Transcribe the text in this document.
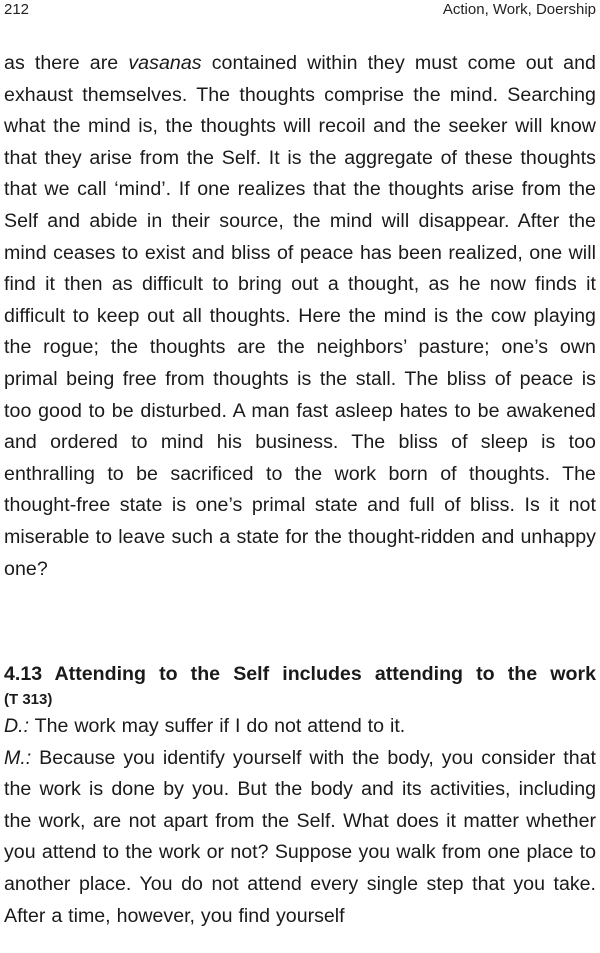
212	Action, Work, Doership

as there are vasanas contained within they must come out and exhaust themselves. The thoughts comprise the mind. Searching what the mind is, the thoughts will recoil and the seeker will know that they arise from the Self. It is the aggregate of these thoughts that we call ‘mind’. If one realizes that the thoughts arise from the Self and abide in their source, the mind will disappear. After the mind ceases to exist and bliss of peace has been realized, one will find it then as difficult to bring out a thought, as he now finds it difficult to keep out all thoughts. Here the mind is the cow playing the rogue; the thoughts are the neighbors’ pasture; one’s own primal being free from thoughts is the stall. The bliss of peace is too good to be disturbed. A man fast asleep hates to be awakened and ordered to mind his business. The bliss of sleep is too enthralling to be sacrificed to the work born of thoughts. The thought-free state is one’s primal state and full of bliss. Is it not miserable to leave such a state for the thought-ridden and unhappy one?

4.13 Attending to the Self includes attending to the work
(T 313)

D.: The work may suffer if I do not attend to it.

M.: Because you identify yourself with the body, you consider that the work is done by you. But the body and its activities, including the work, are not apart from the Self. What does it matter whether you attend to the work or not? Suppose you walk from one place to another place. You do not attend every single step that you take. After a time, however, you find yourself
